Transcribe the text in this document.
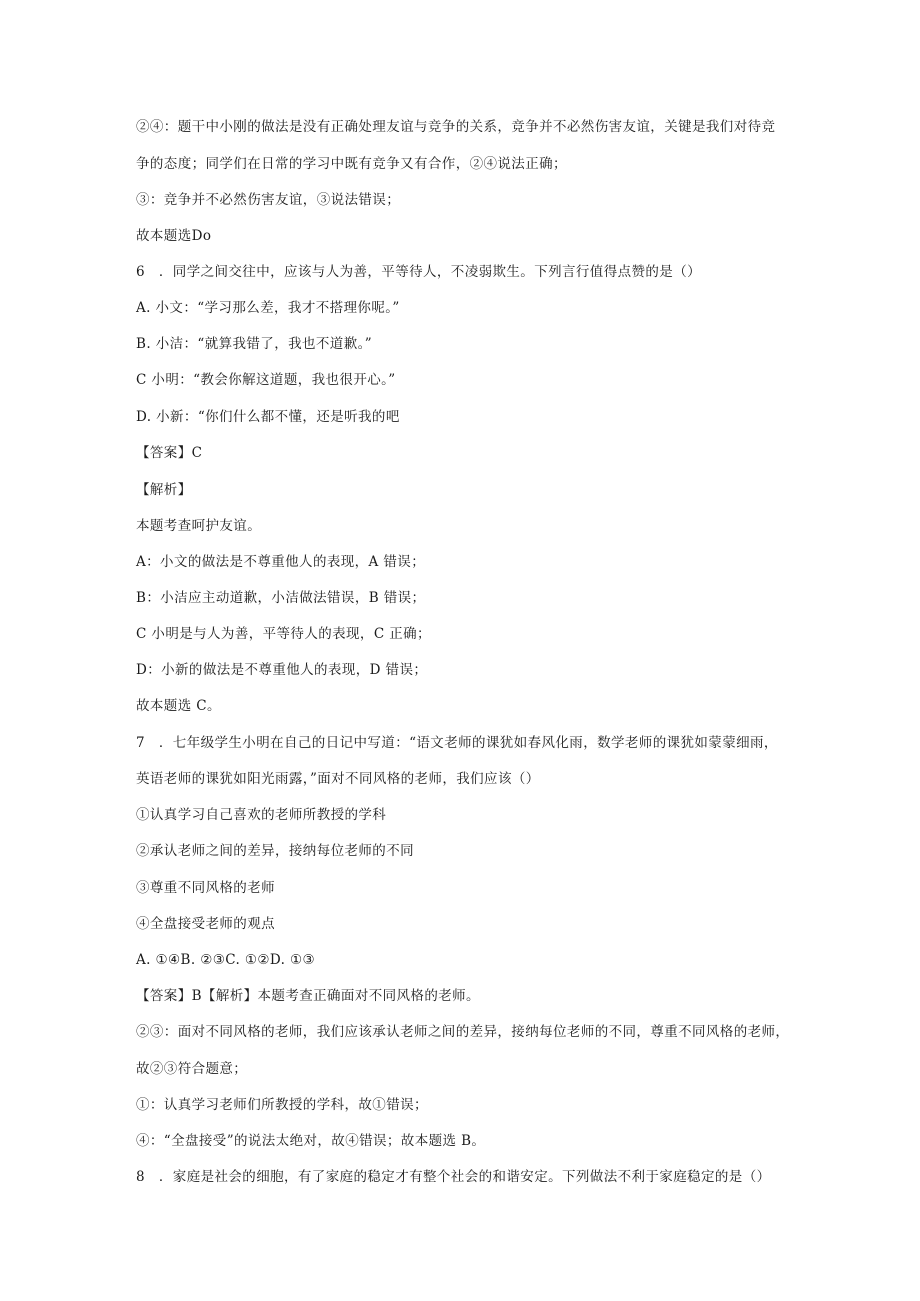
②④：题干中小刚的做法是没有正确处理友谊与竞争的关系，竞争并不必然伤害友谊，关键是我们对待竞
争的态度；同学们在日常的学习中既有竞争又有合作，②④说法正确；
③：竞争并不必然伤害友谊，③说法错误；
故本题选Do
6　．同学之间交往中，应该与人为善，平等待人，不凌弱欺生。下列言行值得点赞的是（）
A. 小文：“学习那么差，我才不搭理你呢。”
B. 小洁：“就算我错了，我也不道歉。”
C 小明：“教会你解这道题，我也很开心。”
D. 小新：“你们什么都不懂，还是听我的吧
【答案】C
【解析】
本题考查呵护友谊。
A：小文的做法是不尊重他人的表现，A 错误；
B：小洁应主动道歉，小洁做法错误，B 错误；
C 小明是与人为善，平等待人的表现，C 正确；
D：小新的做法是不尊重他人的表现，D 错误；
故本题选 C。
7　．七年级学生小明在自己的日记中写道：“语文老师的课犹如春风化雨，数学老师的课犹如蒙蒙细雨，
英语老师的课犹如阳光雨露，”面对不同风格的老师，我们应该（）
①认真学习自己喜欢的老师所教授的学科
②承认老师之间的差异，接纳每位老师的不同
③尊重不同风格的老师
④全盘接受老师的观点
A. ①④B. ②③C. ①②D. ①③
【答案】B【解析】本题考查正确面对不同风格的老师。
②③：面对不同风格的老师，我们应该承认老师之间的差异，接纳每位老师的不同，尊重不同风格的老师，
故②③符合题意；
①：认真学习老师们所教授的学科，故①错误；
④：“全盘接受”的说法太绝对，故④错误；故本题选 B。
8　．家庭是社会的细胞，有了家庭的稳定才有整个社会的和谐安定。下列做法不利于家庭稳定的是（）
